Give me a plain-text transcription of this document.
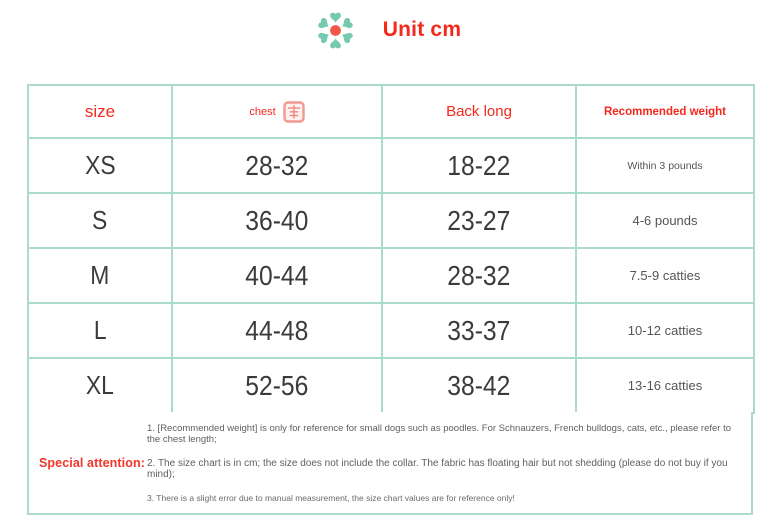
Unit cm
size	chest	Back long	Recommended weight
XS	28-32	18-22	Within 3 pounds
S	36-40	23-27	4-6 pounds
M	40-44	28-32	7.5-9 catties
L	44-48	33-37	10-12 catties
XL	52-56	38-42	13-16 catties
Special attention:
1. [Recommended weight] is only for reference for small dogs such as poodles. For Schnauzers, French bulldogs, cats, etc., please refer to the chest length;
2. The size chart is in cm; the size does not include the collar. The fabric has floating hair but not shedding (please do not buy if you mind);
3. There is a slight error due to manual measurement, the size chart values are for reference only!
